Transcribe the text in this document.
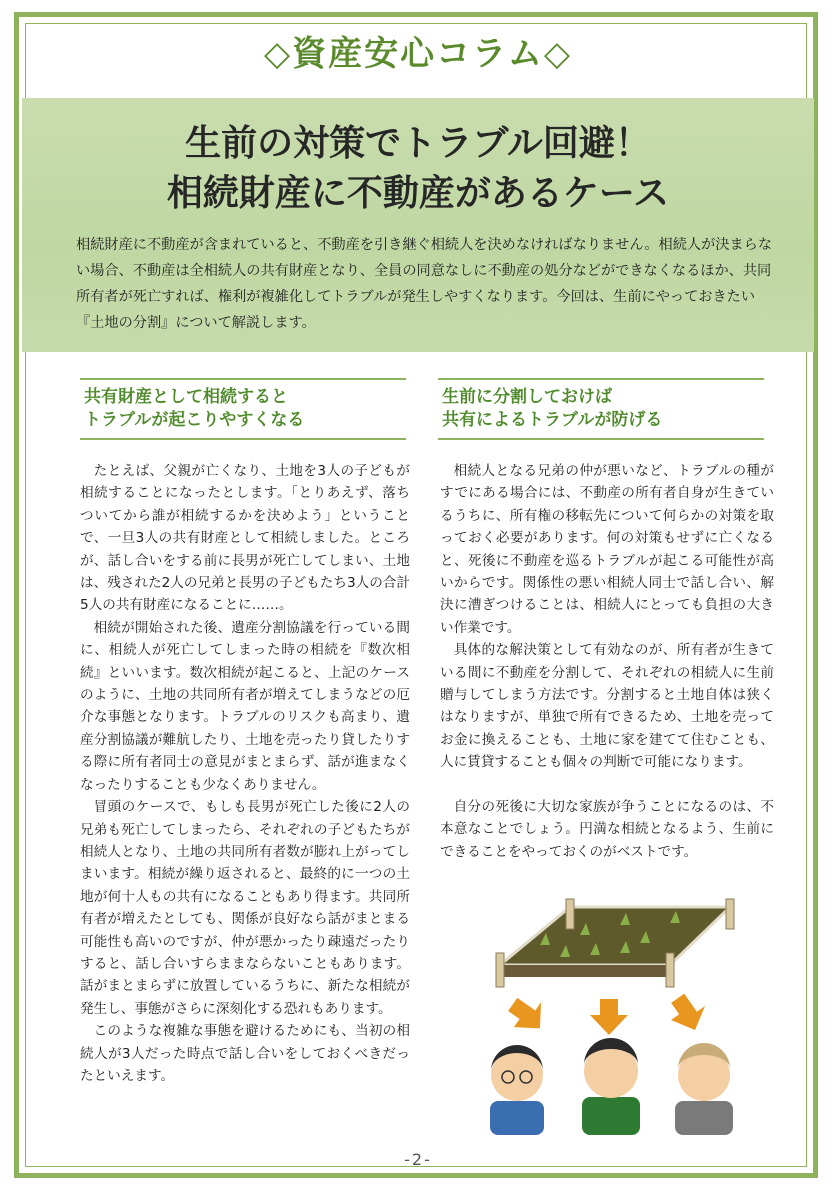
◇資産安心コラム◇
生前の対策でトラブル回避！
相続財産に不動産があるケース
相続財産に不動産が含まれていると、不動産を引き継ぐ相続人を決めなければなりません。相続人が決まらない場合、不動産は全相続人の共有財産となり、全員の同意なしに不動産の処分などができなくなるほか、共同所有者が死亡すれば、権利が複雑化してトラブルが発生しやすくなります。今回は、生前にやっておきたい『土地の分割』について解説します。
共有財産として相続すると
トラブルが起こりやすくなる
生前に分割しておけば
共有によるトラブルが防げる

たとえば、父親が亡くなり、土地を3人の子どもが相続することになったとします。「とりあえず、落ちついてから誰が相続するかを決めよう」ということで、一旦3人の共有財産として相続しました。ところが、話し合いをする前に長男が死亡してしまい、土地は、残された2人の兄弟と長男の子どもたち3人の合計5人の共有財産になることに……。

相続が開始された後、遺産分割協議を行っている間に、相続人が死亡してしまった時の相続を『数次相続』といいます。数次相続が起こると、上記のケースのように、土地の共同所有者が増えてしまうなどの厄介な事態となります。トラブルのリスクも高まり、遺産分割協議が難航したり、土地を売ったり貸したりする際に所有者同士の意見がまとまらず、話が進まなくなったりすることも少なくありません。

冒頭のケースで、もしも長男が死亡した後に2人の兄弟も死亡してしまったら、それぞれの子どもたちが相続人となり、土地の共同所有者数が膨れ上がってしまいます。相続が繰り返されると、最終的に一つの土地が何十人もの共有になることもあり得ます。共同所有者が増えたとしても、関係が良好なら話がまとまる可能性も高いのですが、仲が悪かったり疎遠だったりすると、話し合いすらままならないこともあります。話がまとまらずに放置しているうちに、新たな相続が発生し、事態がさらに深刻化する恐れもあります。

このような複雑な事態を避けるためにも、当初の相続人が3人だった時点で話し合いをしておくべきだったといえます。

相続人となる兄弟の仲が悪いなど、トラブルの種がすでにある場合には、不動産の所有者自身が生きているうちに、所有権の移転先について何らかの対策を取っておく必要があります。何の対策もせずに亡くなると、死後に不動産を巡るトラブルが起こる可能性が高いからです。関係性の悪い相続人同士で話し合い、解決に漕ぎつけることは、相続人にとっても負担の大きい作業です。

具体的な解決策として有効なのが、所有者が生きている間に不動産を分割して、それぞれの相続人に生前贈与してしまう方法です。分割すると土地自体は狭くはなりますが、単独で所有できるため、土地を売ってお金に換えることも、土地に家を建てて住むことも、人に賃貸することも個々の判断で可能になります。

自分の死後に大切な家族が争うことになるのは、不本意なことでしょう。円満な相続となるよう、生前にできることをやっておくのがベストです。

-2-
